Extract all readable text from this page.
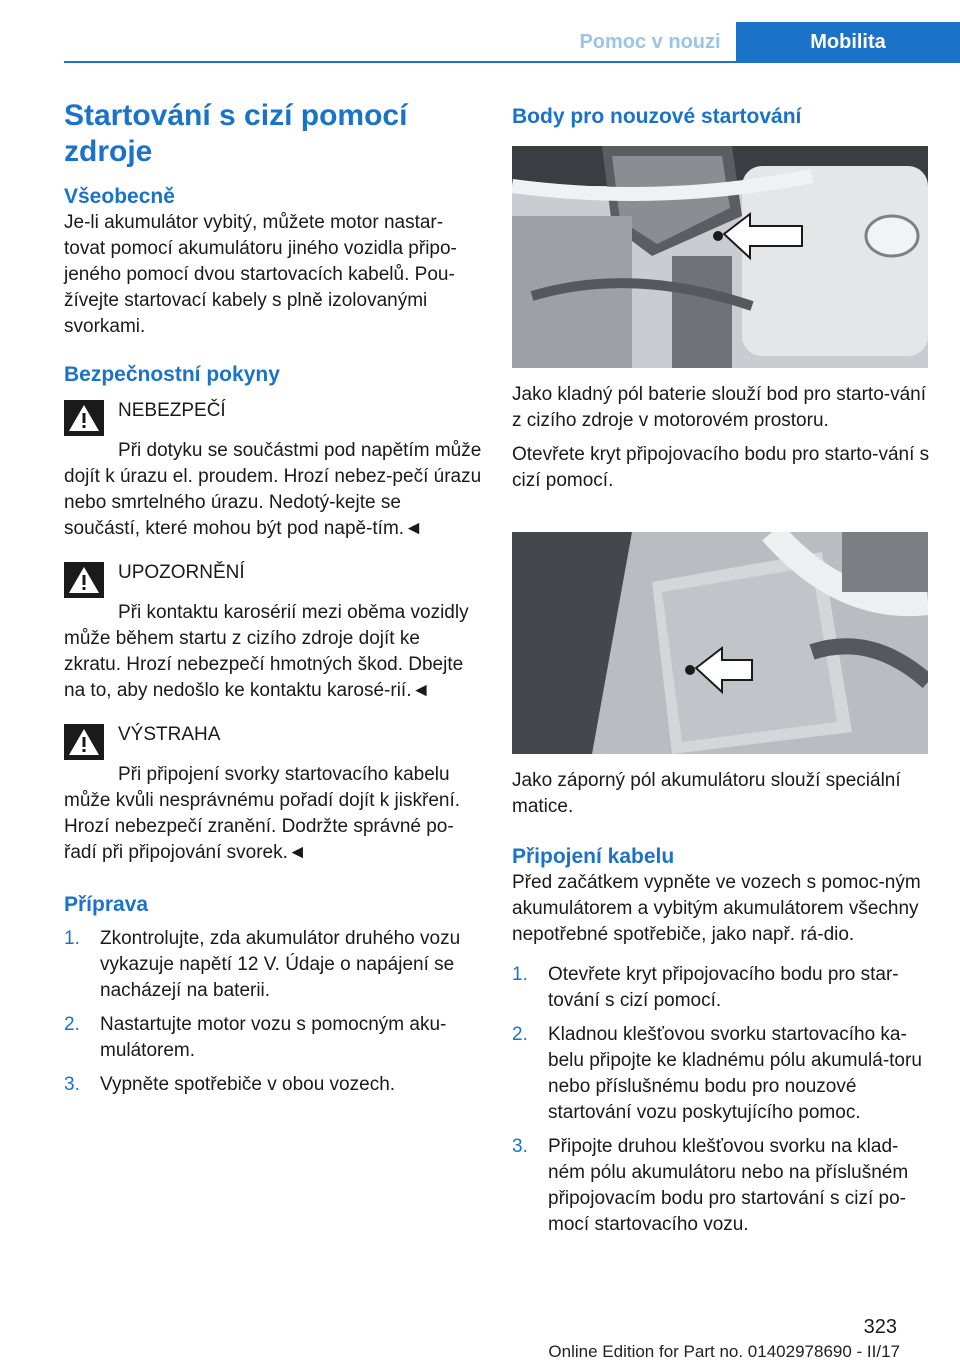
Pomoc v nouzi	Mobilita
Startování s cizí pomocí zdroje
Všeobecně

Je-li akumulátor vybitý, můžete motor nastar-tovat pomocí akumulátoru jiného vozidla připo-jeného pomocí dvou startovacích kabelů. Pou-žívejte startovací kabely s plně izolovanými svorkami.

Bezpečnostní pokyny
NEBEZPEČÍ

Při dotyku se součástmi pod napětím může dojít k úrazu el. proudem. Hrozí nebez-pečí úrazu nebo smrtelného úrazu. Nedotý-kejte se součástí, které mohou být pod napě-tím.◄

UPOZORNĚNÍ

Při kontaktu karosérií mezi oběma vozidly může během startu z cizího zdroje dojít ke zkratu. Hrozí nebezpečí hmotných škod. Dbejte na to, aby nedošlo ke kontaktu karosé-rií.◄

VÝSTRAHA

Při připojení svorky startovacího kabelu může kvůli nesprávnému pořadí dojít k jiskření. Hrozí nebezpečí zranění. Dodržte správné po-řadí při připojování svorek.◄

Příprava
1.	Zkontrolujte, zda akumulátor druhého vozu vykazuje napětí 12 V. Údaje o napájení se nacházejí na baterii.
2.	Nastartujte motor vozu s pomocným aku-mulátorem.
3.	Vypněte spotřebiče v obou vozech.
Body pro nouzové startování

Jako kladný pól baterie slouží bod pro starto-vání z cizího zdroje v motorovém prostoru.

Otevřete kryt připojovacího bodu pro starto-vání s cizí pomocí.

Jako záporný pól akumulátoru slouží speciální matice.

Připojení kabelu

Před začátkem vypněte ve vozech s pomoc-ným akumulátorem a vybitým akumulátorem všechny nepotřebné spotřebiče, jako např. rá-dio.

1.	Otevřete kryt připojovacího bodu pro star-tování s cizí pomocí.
2.	Kladnou klešťovou svorku startovacího ka-belu připojte ke kladnému pólu akumulá-toru nebo příslušnému bodu pro nouzové startování vozu poskytujícího pomoc.
3.	Připojte druhou klešťovou svorku na klad-ném pólu akumulátoru nebo na příslušném připojovacím bodu pro startování s cizí po-mocí startovacího vozu.
323
Online Edition for Part no. 01402978690 - II/17
